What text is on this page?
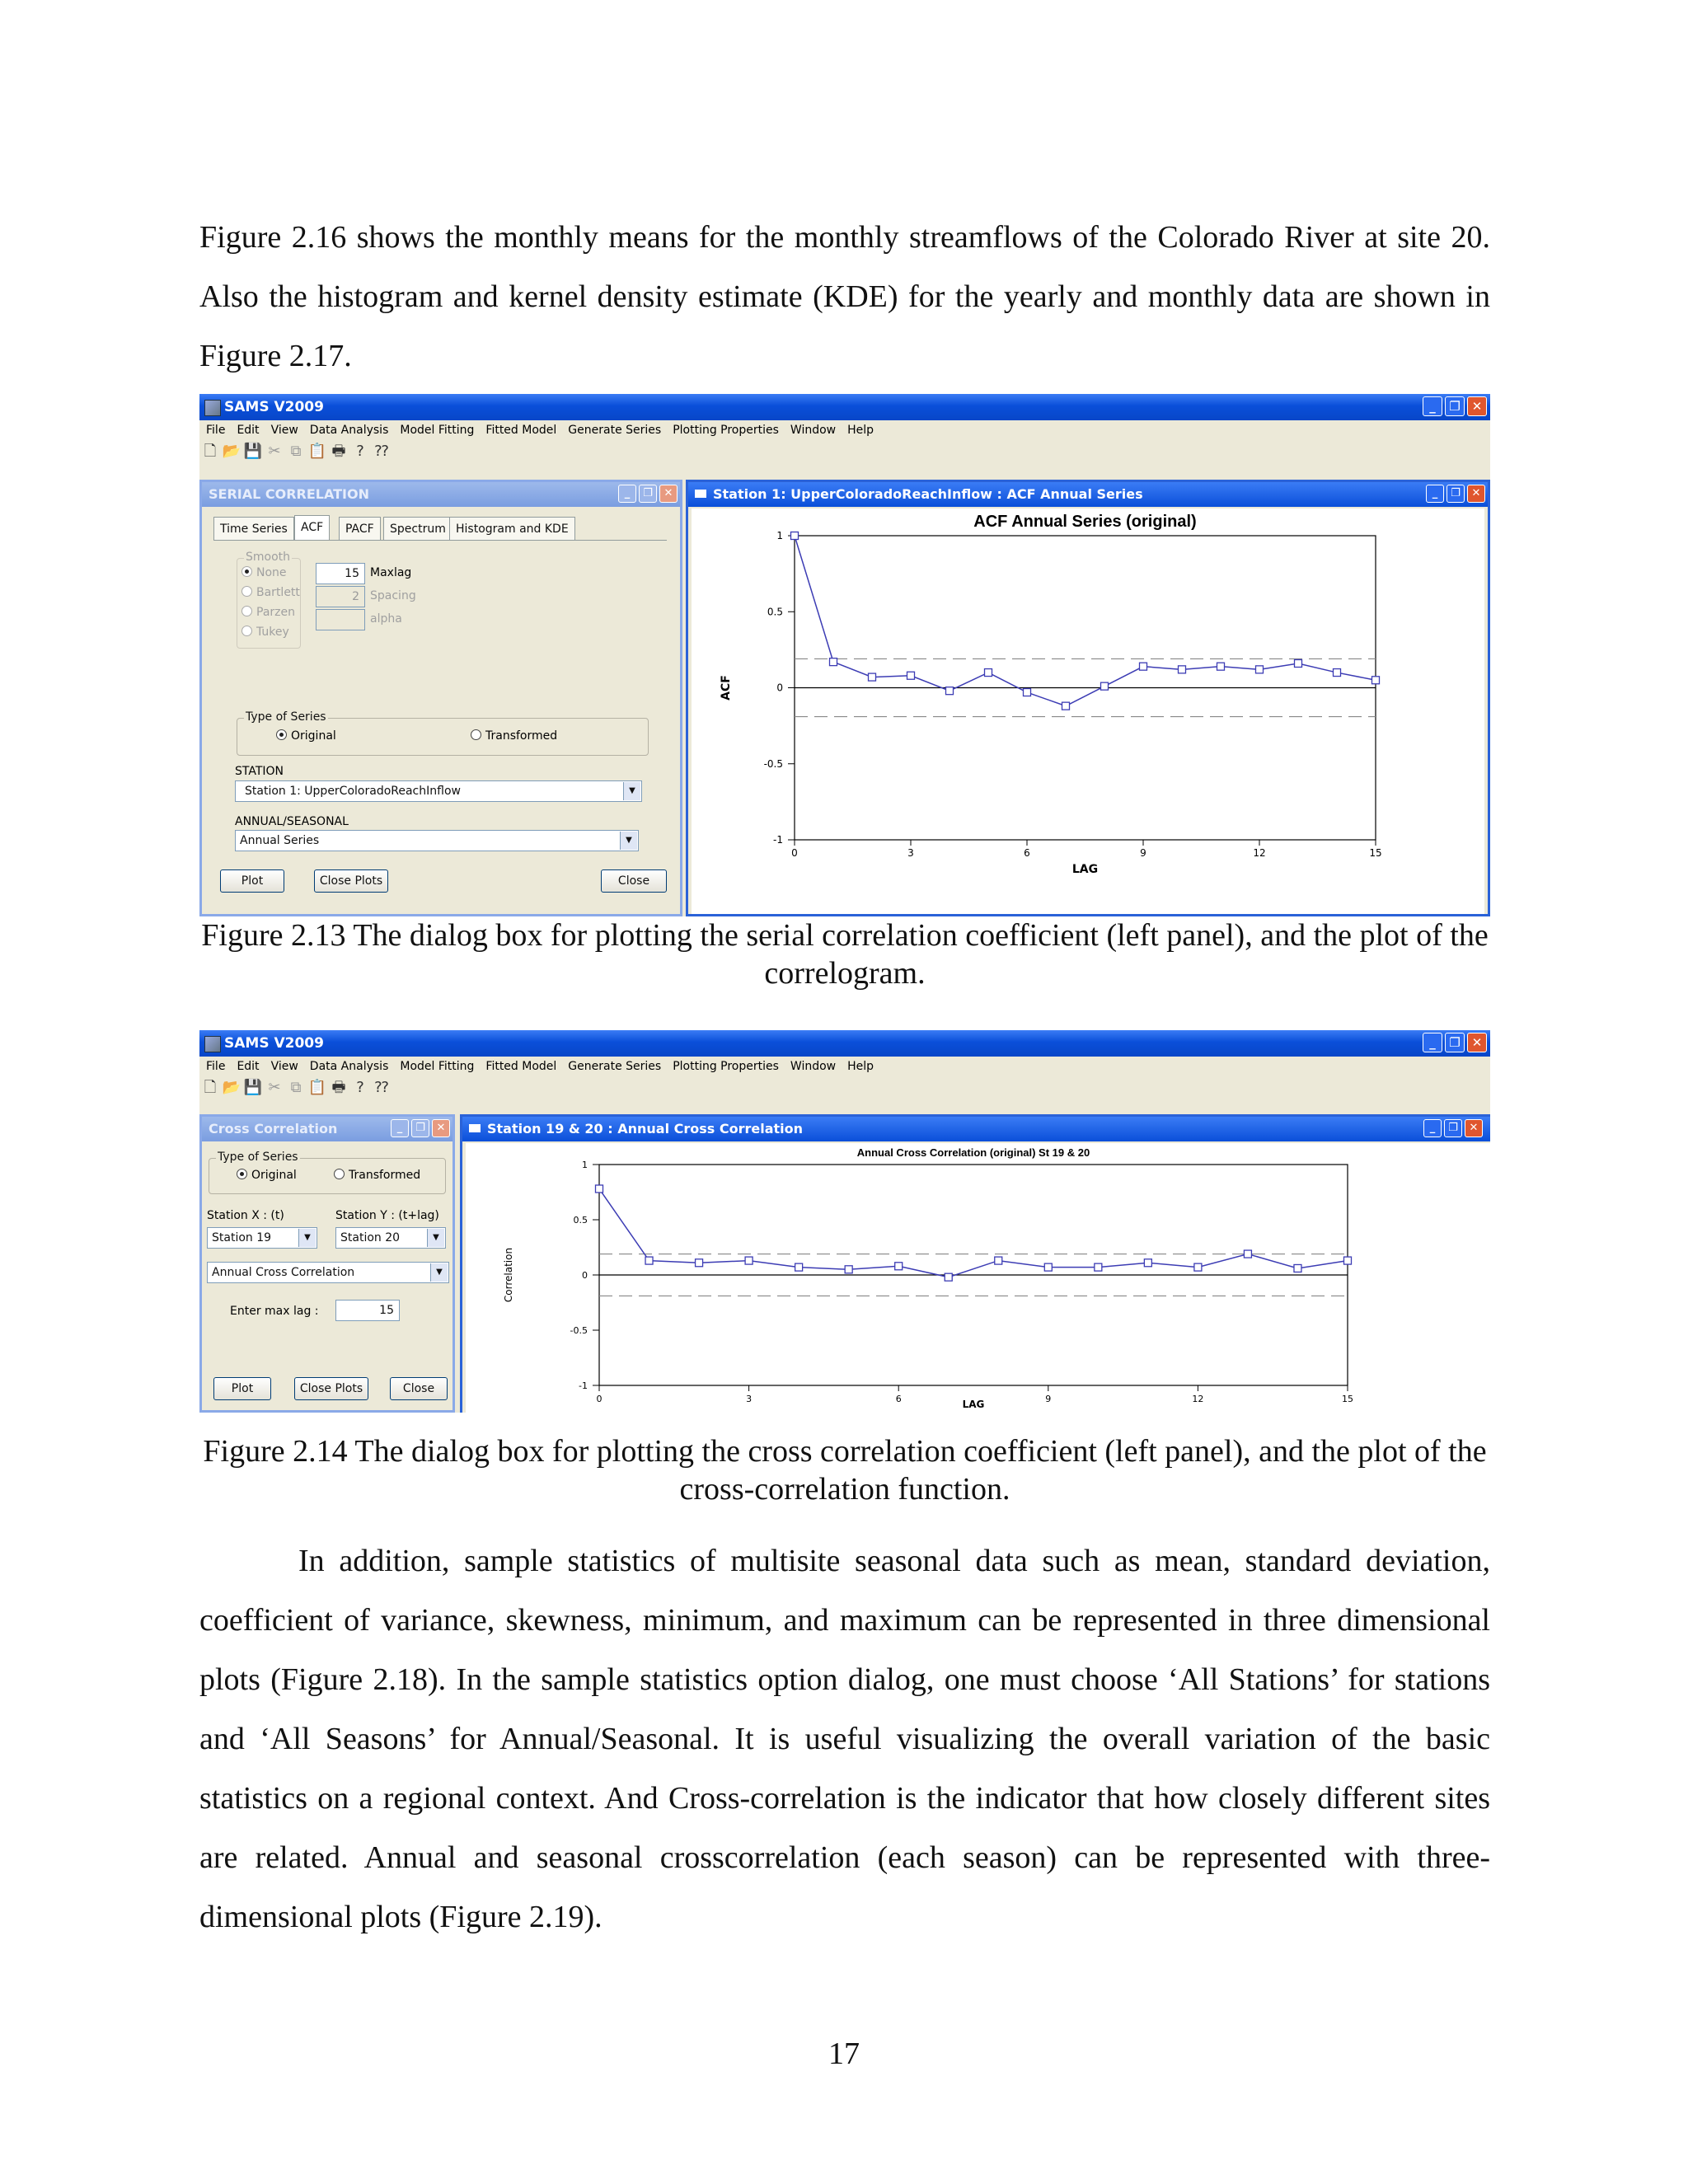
Figure 2.16 shows the monthly means for the monthly streamflows of the Colorado River at site 20. Also the histogram and kernel density estimate (KDE) for the yearly and monthly data are shown in Figure 2.17.

SAMS V2009	_ ❐ ✕
File Edit View Data Analysis Model Fitting Fitted Model Generate Series Plotting Properties Window Help
🗋 📂 💾 ✂ ⧉ 📋 🖶 ? ⁇
SERIAL CORRELATION	_ ❐ ✕
Time Series	ACF	PACF	Spectrum Histogram and KDE
Smooth
None
Bartlett
Parzen
Tukey
15 Maxlag
2 Spacing
alpha
Type of Series
Original	Transformed
STATION
Station 1: UpperColoradoReachInflow	▼
ANNUAL/SEASONAL
Annual Series	▼
Plot	Close Plots	Close
Station 1: UpperColoradoReachInflow : ACF Annual Series	_ ❐ ✕
ACF Annual Series (original)
-1
-0.5
0
0.5
1
0	3	6	9	12	15
LAG
ACF

Figure 2.13 The dialog box for plotting the serial correlation coefficient (left panel), and the plot of the correlogram.

SAMS V2009	_ ❐ ✕
File Edit View Data Analysis Model Fitting Fitted Model Generate Series Plotting Properties Window Help
🗋 📂 💾 ✂ ⧉ 📋 🖶 ? ⁇
Cross Correlation	_ ❐ ✕
Type of Series
Original	Transformed
Station X : (t)	Station Y : (t+lag)
Station 19	▼	Station 20	▼
Annual Cross Correlation	▼
Enter max lag :	15
Plot	Close Plots	Close
Station 19 & 20 : Annual Cross Correlation	_ ❐ ✕
Annual Cross Correlation (original) St 19 & 20
-1
-0.5
0
0.5
1
0	3	6	9	12	15
LAG
Correlation

Figure 2.14 The dialog box for plotting the cross correlation coefficient (left panel), and the plot of the cross-correlation function.

In addition, sample statistics of multisite seasonal data such as mean, standard deviation, coefficient of variance, skewness, minimum, and maximum can be represented in three dimensional plots (Figure 2.18). In the sample statistics option dialog, one must choose ‘All Stations’ for stations and ‘All Seasons’ for Annual/Seasonal. It is useful visualizing the overall variation of the basic statistics on a regional context. And Cross-correlation is the indicator that how closely different sites are related. Annual and seasonal crosscorrelation (each season) can be represented with three-dimensional plots (Figure 2.19).

17
